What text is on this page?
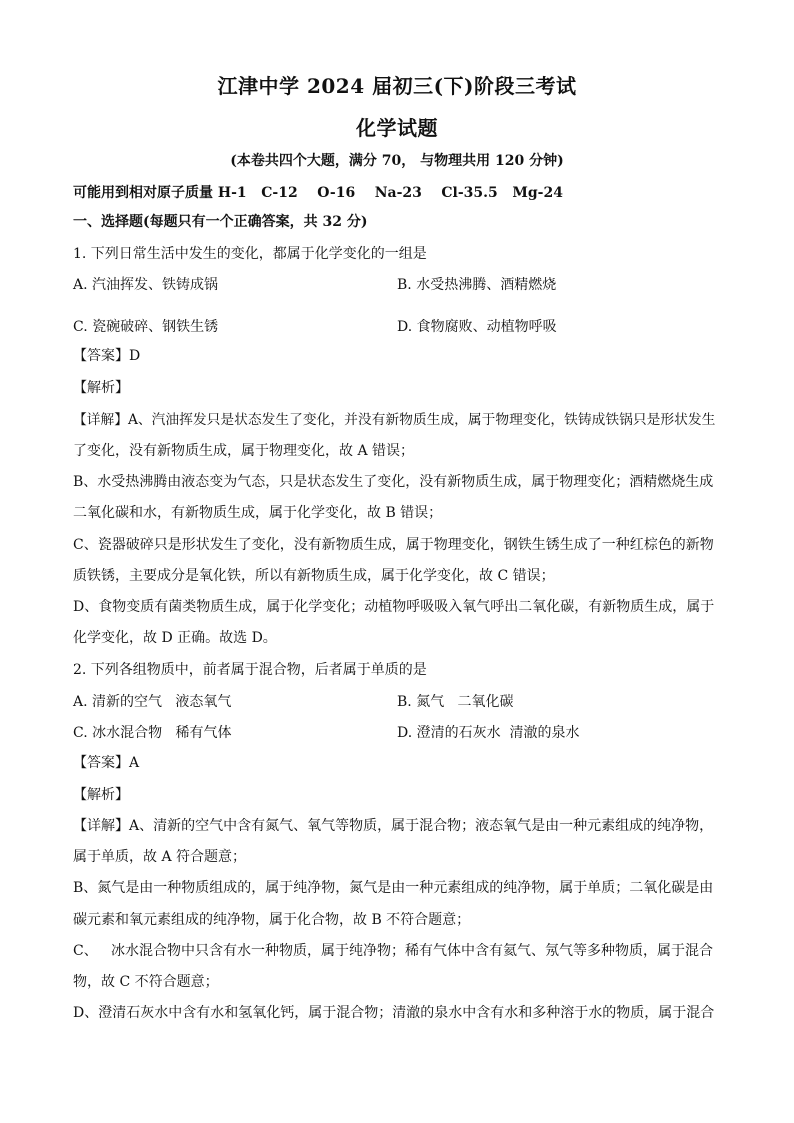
江津中学 2024 届初三(下)阶段三考试
化学试题
(本卷共四个大题，满分 70， 与物理共用 120 分钟)
可能用到相对原子质量 H-1   C-12    O-16    Na-23    Cl-35.5   Mg-24
一、选择题(每题只有一个正确答案，共 32 分)
1. 下列日常生活中发生的变化，都属于化学变化的一组是
A. 汽油挥发、铁铸成锅	B. 水受热沸腾、酒精燃烧
C. 瓷碗破碎、钢铁生锈	D. 食物腐败、动植物呼吸
【答案】D
【解析】
【详解】A、汽油挥发只是状态发生了变化，并没有新物质生成，属于物理变化，铁铸成铁锅只是形状发生
了变化，没有新物质生成，属于物理变化，故 A 错误；
B、水受热沸腾由液态变为气态，只是状态发生了变化，没有新物质生成，属于物理变化；酒精燃烧生成
二氧化碳和水，有新物质生成，属于化学变化，故 B 错误；
C、瓷器破碎只是形状发生了变化，没有新物质生成，属于物理变化，钢铁生锈生成了一种红棕色的新物
质铁锈，主要成分是氧化铁，所以有新物质生成，属于化学变化，故 C 错误；
D、食物变质有菌类物质生成，属于化学变化；动植物呼吸吸入氧气呼出二氧化碳，有新物质生成，属于
化学变化，故 D 正确。故选 D。
2. 下列各组物质中，前者属于混合物，后者属于单质的是
A. 清新的空气   液态氧气	B. 氮气   二氧化碳
C. 冰水混合物   稀有气体	D. 澄清的石灰水  清澈的泉水
【答案】A
【解析】
【详解】A、清新的空气中含有氮气、氧气等物质，属于混合物；液态氧气是由一种元素组成的纯净物，
属于单质，故 A 符合题意；
B、氮气是由一种物质组成的，属于纯净物，氮气是由一种元素组成的纯净物，属于单质；二氧化碳是由
碳元素和氧元素组成的纯净物，属于化合物，故 B 不符合题意；
C、   冰水混合物中只含有水一种物质，属于纯净物；稀有气体中含有氦气、氖气等多种物质，属于混合
物，故 C 不符合题意；
D、澄清石灰水中含有水和氢氧化钙，属于混合物；清澈的泉水中含有水和多种溶于水的物质，属于混合
